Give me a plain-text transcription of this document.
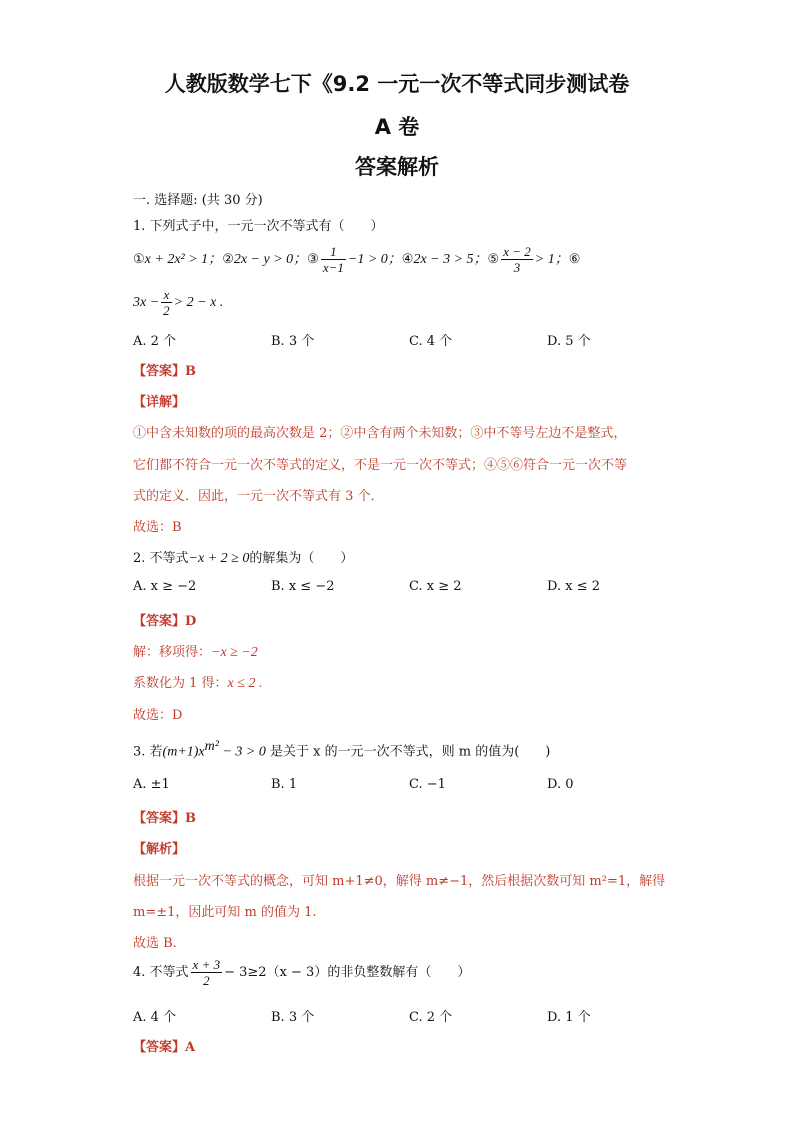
人教版数学七下《9.2 一元一次不等式同步测试卷
A 卷
答案解析
一. 选择题: (共 30 分)
1. 下列式子中，一元一次不等式有（　　）
①x + 2x² > 1；②2x − y > 0；③ $\frac{1}{x-1} -1 > 0$；④2x − 3 > 5；⑤ $\frac{x - 2}{3} > 1$；⑥
$3x - \frac{x}{2} > 2 - x$ .
A. 2 个	B. 3 个	C. 4 个	D. 5 个
【答案】B
【详解】
①中含未知数的项的最高次数是 2；②中含有两个未知数；③中不等号左边不是整式，
它们都不符合一元一次不等式的定义，不是一元一次不等式；④⑤⑥符合一元一次不等
式的定义．因此，一元一次不等式有 3 个．
故选：B
2. 不等式−x + 2 ≥ 0的解集为（　　）
A. x ≥ −2	B. x ≤ −2	C. x ≥ 2	D. x ≤ 2
【答案】D
解：移项得：−x ≥ −2
系数化为 1 得：x ≤ 2 .
故选：D
3. 若$(m+1)x^{m^2} - 3 > 0$ 是关于 x 的一元一次不等式，则 m 的值为(　　)
A. ±1	B. 1	C. −1	D. 0
【答案】B
【解析】
根据一元一次不等式的概念，可知 m+1≠0，解得 m≠−1，然后根据次数可知 m²=1，解得
m=±1，因此可知 m 的值为 1.
故选 B.
4. 不等式 $\frac{x + 3}{2} - 3\ge 2(x - 3)$的非负整数解有（　　）
A. 4 个	B. 3 个	C. 2 个	D. 1 个
【答案】A
